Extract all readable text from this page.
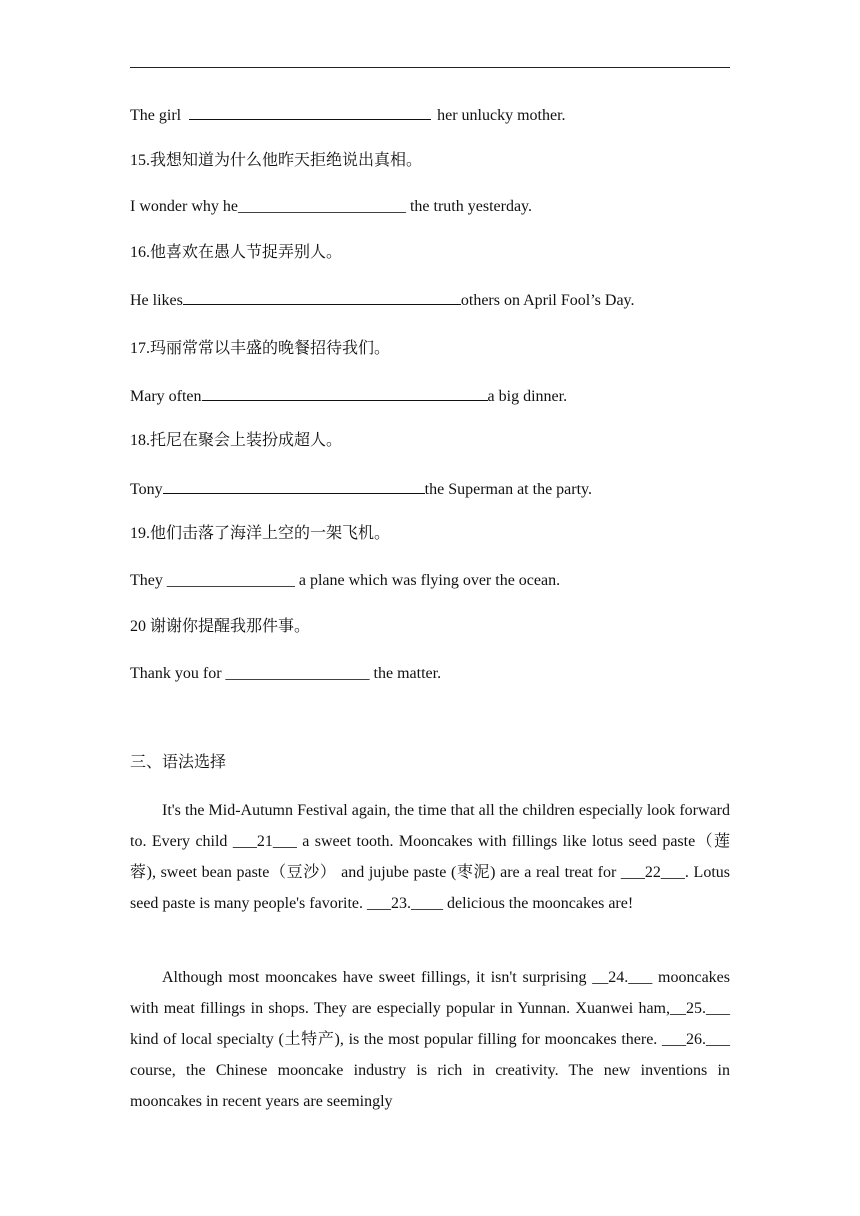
The girl	her unlucky mother.
15.我想知道为什么他昨天拒绝说出真相。
I wonder why he_____________________ the truth yesterday.
16.他喜欢在愚人节捉弄别人。
He likes	others on April Fool’s Day.
17.玛丽常常以丰盛的晚餐招待我们。
Mary often	a big dinner.
18.托尼在聚会上装扮成超人。
Tony	the Superman at the party.
19.他们击落了海洋上空的一架飞机。
They ________________ a plane which was flying over the ocean.
20 谢谢你提醒我那件事。
Thank you for __________________ the matter.
三、语法选择
It's the Mid-Autumn Festival again, the time that all the children especially look forward to. Every child ___21___ a sweet tooth. Mooncakes with fillings like lotus seed paste（莲蓉), sweet bean paste（豆沙） and jujube paste (枣泥) are a real treat for ___22___. Lotus seed paste is many people's favorite. ___23.____ delicious the mooncakes are!
Although most mooncakes have sweet fillings, it isn't surprising __24.___ mooncakes with meat fillings in shops. They are especially popular in Yunnan. Xuanwei ham,__25.___ kind of local specialty (土特产), is the most popular filling for mooncakes there. ___26.___ course, the Chinese mooncake industry is rich in creativity. The new inventions in mooncakes in recent years are seemingly
